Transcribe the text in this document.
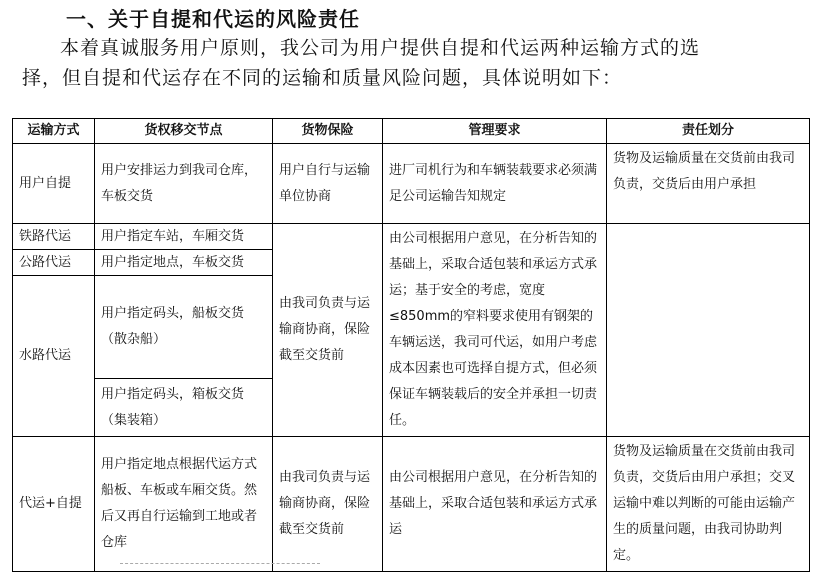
一、关于自提和代运的风险责任
本着真诚服务用户原则，我公司为用户提供自提和代运两种运输方式的选择，但自提和代运存在不同的运输和质量风险问题，具体说明如下：
运输方式	货权移交节点	货物保险	管理要求	责任划分
用户自提	用户安排运力到我司仓库，车板交货	用户自行与运输单位协商	进厂司机行为和车辆装载要求必须满足公司运输告知规定	货物及运输质量在交货前由我司负责，交货后由用户承担
铁路代运	用户指定车站，车厢交货	由我司负责与运输商协商，保险截至交货前	由公司根据用户意见，在分析告知的基础上，采取合适包装和承运方式承运；基于安全的考虑，宽度≤850mm的窄料要求使用有钢架的车辆运送，我司可代运，如用户考虑成本因素也可选择自提方式，但必须保证车辆装载后的安全并承担一切责任。	
公路代运	用户指定地点，车板交货			
水路代运	用户指定码头，船板交货（散杂船）			
	用户指定码头，箱板交货（集装箱）			
代运+自提	用户指定地点根据代运方式船板、车板或车厢交货。然后又再自行运输到工地或者仓库	由我司负责与运输商协商，保险截至交货前	由公司根据用户意见，在分析告知的基础上，采取合适包装和承运方式承运	货物及运输质量在交货前由我司负责，交货后由用户承担；交叉运输中难以判断的可能由运输产生的质量问题，由我司协助判定。
